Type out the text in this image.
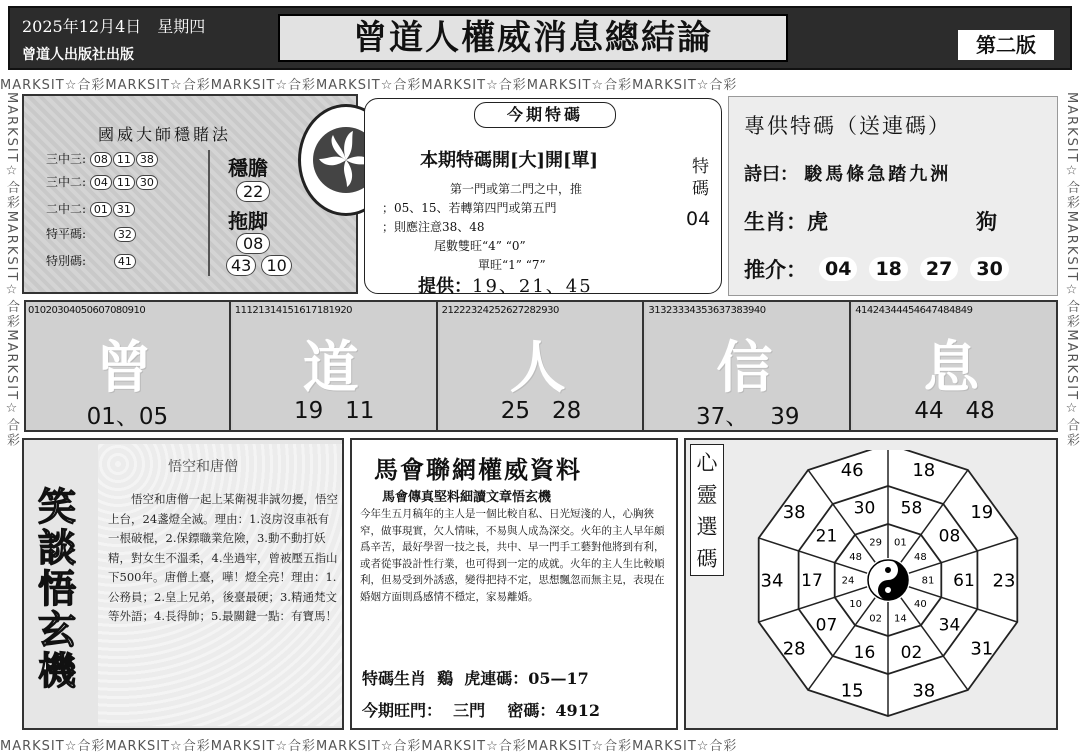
2025年12月4日 星期四
曾道人出版社出版	曾道人權威消息總結論	第二版
MARKSIT☆合彩MARKSIT☆合彩MARKSIT☆合彩MARKSIT☆合彩MARKSIT☆合彩MARKSIT☆合彩MARKSIT☆合彩
MARKSIT☆合彩MARKSIT☆合彩MARKSIT☆合彩MARKSIT☆合彩MARKSIT☆合彩MARKSIT☆合彩MARKSIT☆合彩
MARKSIT☆合彩MARKSIT☆合彩MARKSIT☆合彩	MARKSIT☆合彩MARKSIT☆合彩MARKSIT☆合彩
國威大師穩賭法
三中三: 08 11 38
三中二: 04 11 30
二中二: 01 31
特平碼:	32
特別碼:	41
穩膽
22
拖脚
08
43 10
今期特碼
本期特碼開[大]開[單]
第一門或第二門之中，推
；05、15、若轉第四門或第五門
；則應注意38、48
尾數雙旺“4” “0”
單旺“1” “7”
提供：19、21、45
特碼
04
專供特碼（送連碼）
詩曰： 駿馬條急踏九洲
生肖：虎	狗
推介： 04	18	27	30
01020304050607080910
曾
01、05
11121314151617181920
道
19   11
21222324252627282930
人
25   28
31323334353637383940
信
37、   39
41424344454647484849
息
44   48
笑談悟玄機
悟空和唐僧
悟空和唐僧一起上某衛視非誠勿擾，悟空上台，24盞燈全滅。理由：1.沒房沒車祇有一根破棍，2.保鏢職業危險，3.動不動打妖精，對女生不溫柔，4.坐過牢，曾被壓五指山下500年。唐僧上臺，嘩！燈全亮！理由：1.公務員；2.皇上兄弟，後臺最硬；3.精通梵文等外語；4.長得帥；5.最關鍵一點：有寶馬！
馬會聯網權威資料
馬會傳真堅料細讀文章悟玄機
今年生五月稿年的主人是一個比較自私、日光短淺的人，心胸狹窄，做事現實，欠人情味，不易與人成為深交。火年的主人早年頗爲辛苦，最好學習一技之長，共中、早一門手工藝對他將到有利，或者從事設計性行業，也可得到一定的成就。火年的主人生比較順利，但易受到外誘惑，變得把持不定，思想飄忽而無主見，表現在婚姻方面則爲感情不穩定，家易離婚。
特碼生肖  鷄  虎連碼：05—17
今期旺門：  三門    密碼：4912
心靈選碼
18
19
23
31
38
15
28
34
38
46
58
08
61
34
02
16
07
17
21
30
01
48
81
40
14
02
10
24
48
29
